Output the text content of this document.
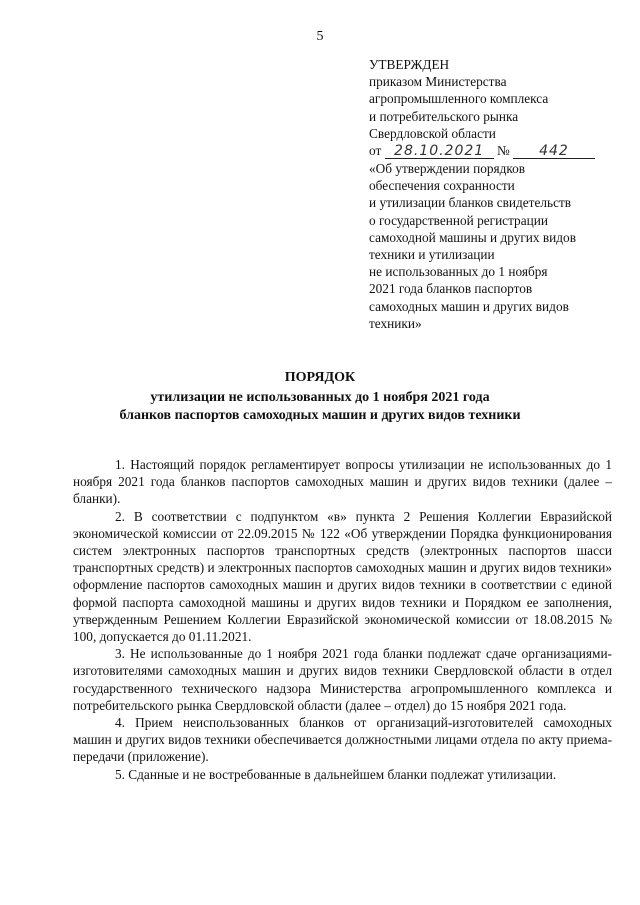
5
УТВЕРЖДЕН
приказом Министерства
агропромышленного комплекса
и потребительского рынка
Свердловской области
от 28.10.2021 № 442
«Об утверждении порядков
обеспечения сохранности
и утилизации бланков свидетельств
о государственной регистрации
самоходной машины и других видов
техники и утилизации
не использованных до 1 ноября
2021 года бланков паспортов
самоходных машин и других видов
техники»
ПОРЯДОК
утилизации не использованных до 1 ноября 2021 года
бланков паспортов самоходных машин и других видов техники

1. Настоящий порядок регламентирует вопросы утилизации не использованных до 1 ноября 2021 года бланков паспортов самоходных машин и других видов техники (далее – бланки).

2. В соответствии с подпунктом «в» пункта 2 Решения Коллегии Евразийской экономической комиссии от 22.09.2015 № 122 «Об утверждении Порядка функционирования систем электронных паспортов транспортных средств (электронных паспортов шасси транспортных средств) и электронных паспортов самоходных машин и других видов техники» оформление паспортов самоходных машин и других видов техники в соответствии с единой формой паспорта самоходной машины и других видов техники и Порядком ее заполнения, утвержденным Решением Коллегии Евразийской экономической комиссии от 18.08.2015 № 100, допускается до 01.11.2021.

3. Не использованные до 1 ноября 2021 года бланки подлежат сдаче организациями-изготовителями самоходных машин и других видов техники Свердловской области в отдел государственного технического надзора Министерства агропромышленного комплекса и потребительского рынка Свердловской области (далее – отдел) до 15 ноября 2021 года.

4. Прием неиспользованных бланков от организаций-изготовителей самоходных машин и других видов техники обеспечивается должностными лицами отдела по акту приема-передачи (приложение).

5. Сданные и не востребованные в дальнейшем бланки подлежат утилизации.
